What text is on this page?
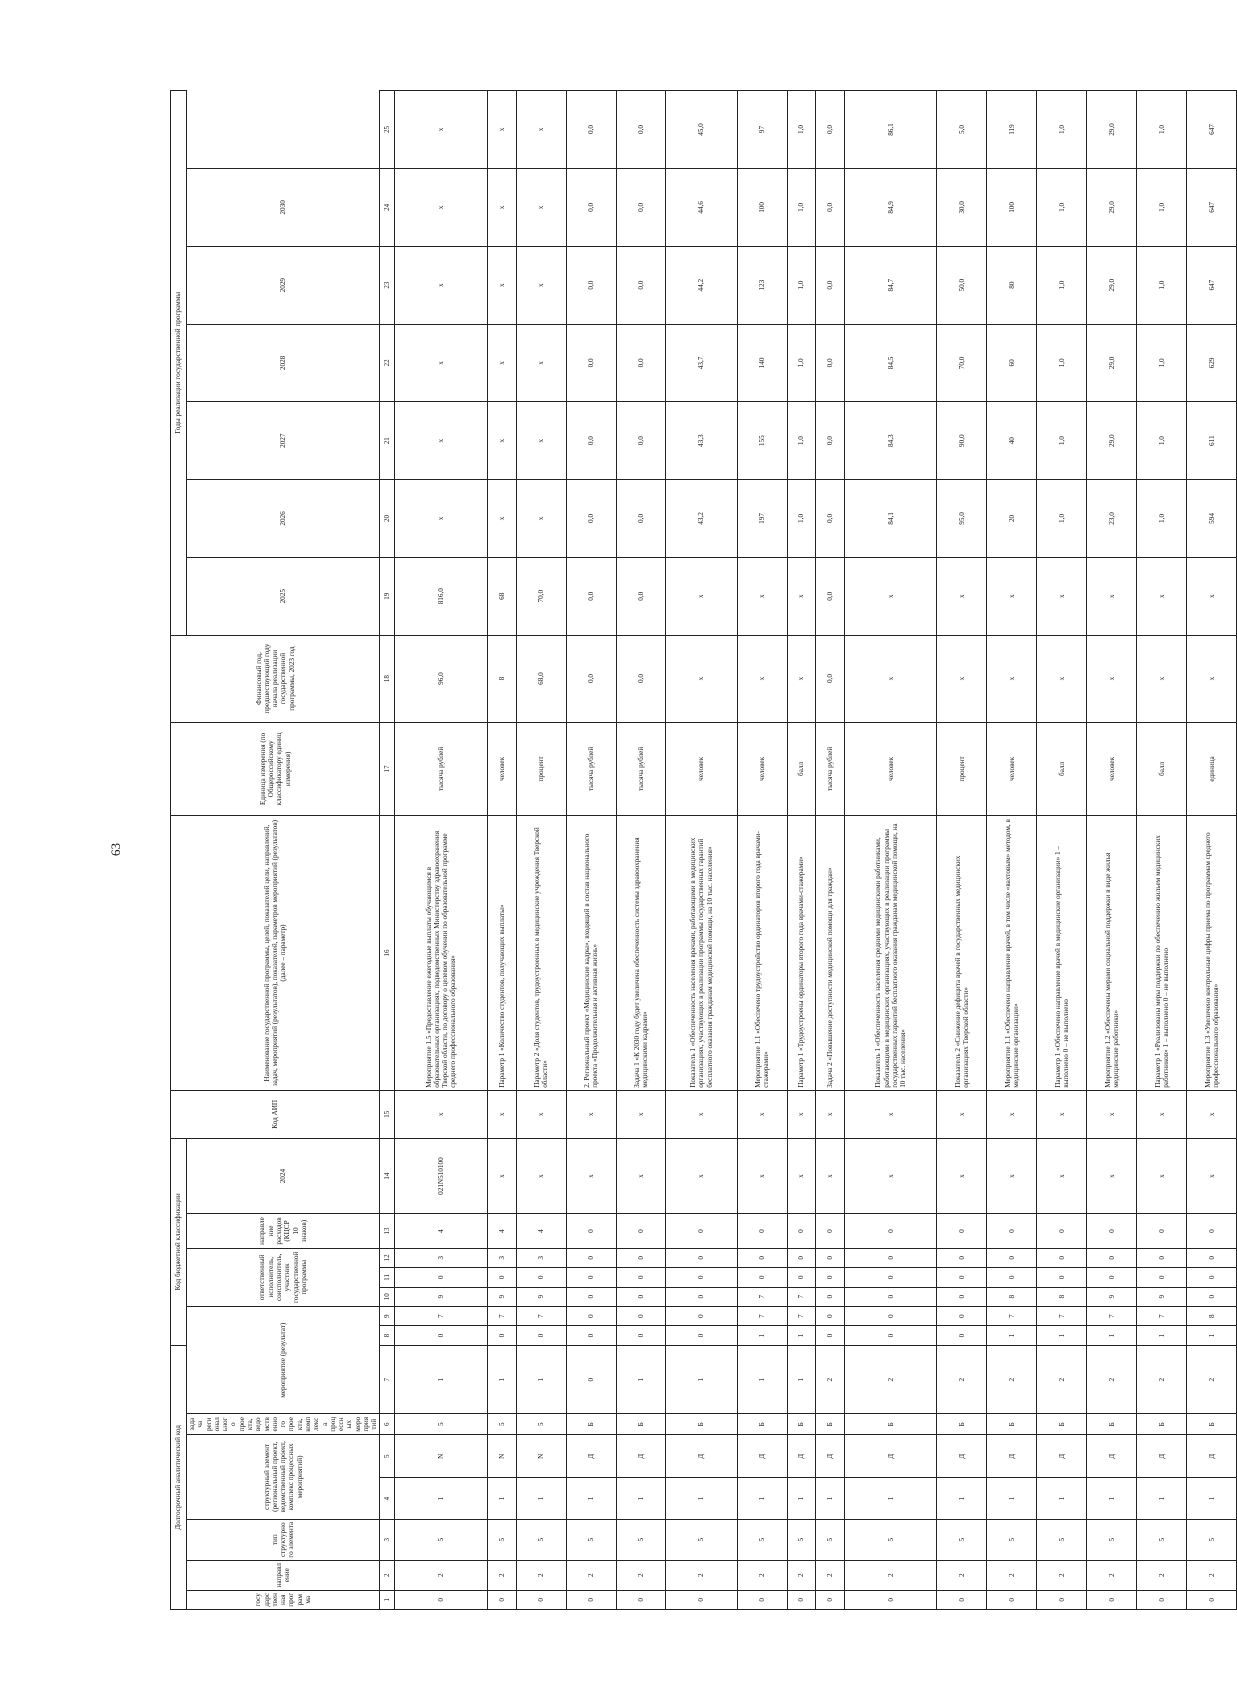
63
Долгосрочный аналитический код							Код бюджетной классификации							Код АИП	Наименование государственной программы, целей, показателей цели, направлений, задач, мероприятий (результатов), показателей, параметров мероприятий (результатов) (далее – параметр)	Единица измерения (по Общероссийскому классификатору единиц измерения)	Финансовый год, предшествующий году начала реализации государственной программы, 2023 год	Годы реализации государственной программы						
государственная программа	направление	тип структурного элемента	структурный элемент (региональный проект, ведомственный проект, комплекс процессных мероприятий)		задача регионального проекта, ведомственного проекта, комплекса процессных мероприятий	мероприятие (результат)			ответственный исполнитель, соисполнитель, участник государственной программы			направление расходов (КЦСР 10 знаков)	2024					2025	2026	2027	2028	2029	2030	

1	2	3	4	5	6	7	8	9	10	11	12	13	14	15	16	17	18	19	20	21	22	23	24	25
0	2	5	1	N	5	1	0	7	9	0	3	4	021N510100	x	Мероприятие 1.5 «Предоставление ежегодные выплаты обучающимся в образовательных организациях, подведомственных Министерству здравоохранения Тверской области, по договору о целевом обучении по образовательной программе среднего профессионального образования»	тысяча рублей	96,0	816,0	x	x	x	x	x	x
0	2	5	1	N	5	1	0	7	9	0	3	4	x	x	Параметр 1 «Количество студентов, получающих выплаты»	человек	8	68	x	x	x	x	x	x
0	2	5	1	N	5	1	0	7	9	0	3	4	x	x	Параметр 2 «Доля студентов, трудоустроенных в медицинские учреждения Тверской области»	процент	68,0	70,0	x	x	x	x	x	x
0	2	5	1	Д	Б	0	0	0	0	0	0	0	x	x	2. Региональный проект «Медицинские кадры», входящий в состав национального проекта «Продолжительная и активная жизнь»	тысяча рублей	0,0	0,0	0,0	0,0	0,0	0,0	0,0	0,0
0	2	5	1	Д	Б	1	0	0	0	0	0	0	x	x	Задача 1 «К 2030 году будет увеличена обеспеченность системы здравоохранения медицинскими кадрами»	тысяча рублей	0,0	0,0	0,0	0,0	0,0	0,0	0,0	0,0
0	2	5	1	Д	Б	1	0	0	0	0	0	0	x	x	Показатель 1 «Обеспеченность населения врачами, работающими в медицинских организациях, участвующих в реализации программы государственных гарантий бесплатного оказания гражданам медицинской помощи, на 10 тыс. населения»	человек	x	x	43,2	43,3	43,7	44,2	44,6	45,0
0	2	5	1	Д	Б	1	1	7	7	0	0	0	x	x	Мероприятие 1.1 «Обеспечено трудоустройство ординаторов второго года врачами-стажерами»	человек	x	x	197	155	140	123	100	97
0	2	5	1	Д	Б	1	1	7	7	0	0	0	x	x	Параметр 1 «Трудоустроены ординаторы второго года врачами-стажерами»	балл	x	x	1,0	1,0	1,0	1,0	1,0	1,0
0	2	5	1	Д	Б	2	0	0	0	0	0	0	x	x	Задача 2 «Повышение доступности медицинской помощи для граждан»	тысяча рублей	0,0	0,0	0,0	0,0	0,0	0,0	0,0	0,0
0	2	5	1	Д	Б	2	0	0	0	0	0	0	x	x	Показатель 1 «Обеспеченность населения средними медицинскими работниками, работающими в медицинских организациях, участвующих в реализации программы государственных гарантий бесплатного оказания гражданам медицинской помощи, на 10 тыс. населения»	человек	x	x	84,1	84,3	84,5	84,7	84,9	86,1
0	2	5	1	Д	Б	2	0	0	0	0	0	0	x	x	Показатель 2 «Снижение дефицита врачей в государственных медицинских организациях Тверской области»	процент	x	x	95,0	90,0	70,0	50,0	30,0	5,0
0	2	5	1	Д	Б	2	1	7	8	0	0	0	x	x	Мероприятие 1.1 «Обеспечено направление врачей, в том числе «вахтовым» методом, в медицинские организации»	человек	x	x	20	40	60	80	100	119
0	2	5	1	Д	Б	2	1	7	8	0	0	0	x	x	Параметр 1 «Обеспечено направление врачей в медицинские организации» 1 – выполнено 0 – не выполнено	балл	x	x	1,0	1,0	1,0	1,0	1,0	1,0
0	2	5	1	Д	Б	2	1	7	9	0	0	0	x	x	Мероприятие 1.2 «Обеспечены мерами социальной поддержки в виде жилья медицинские работники»	человек	x	x	23,0	29,0	29,0	29,0	29,0	29,0
0	2	5	1	Д	Б	2	1	7	9	0	0	0	x	x	Параметр 1 «Реализованы меры поддержки по обеспечению жильем медицинских работников» 1 – выполнено 0 – не выполнено	балл	x	x	1,0	1,0	1,0	1,0	1,0	1,0
0	2	5	1	Д	Б	2	1	8	0	0	0	0	x	x	Мероприятие 1.3 «Увеличено контрольные цифры приема по программам среднего профессионального образования»	единица	x	x	594	611	629	647	647	647
